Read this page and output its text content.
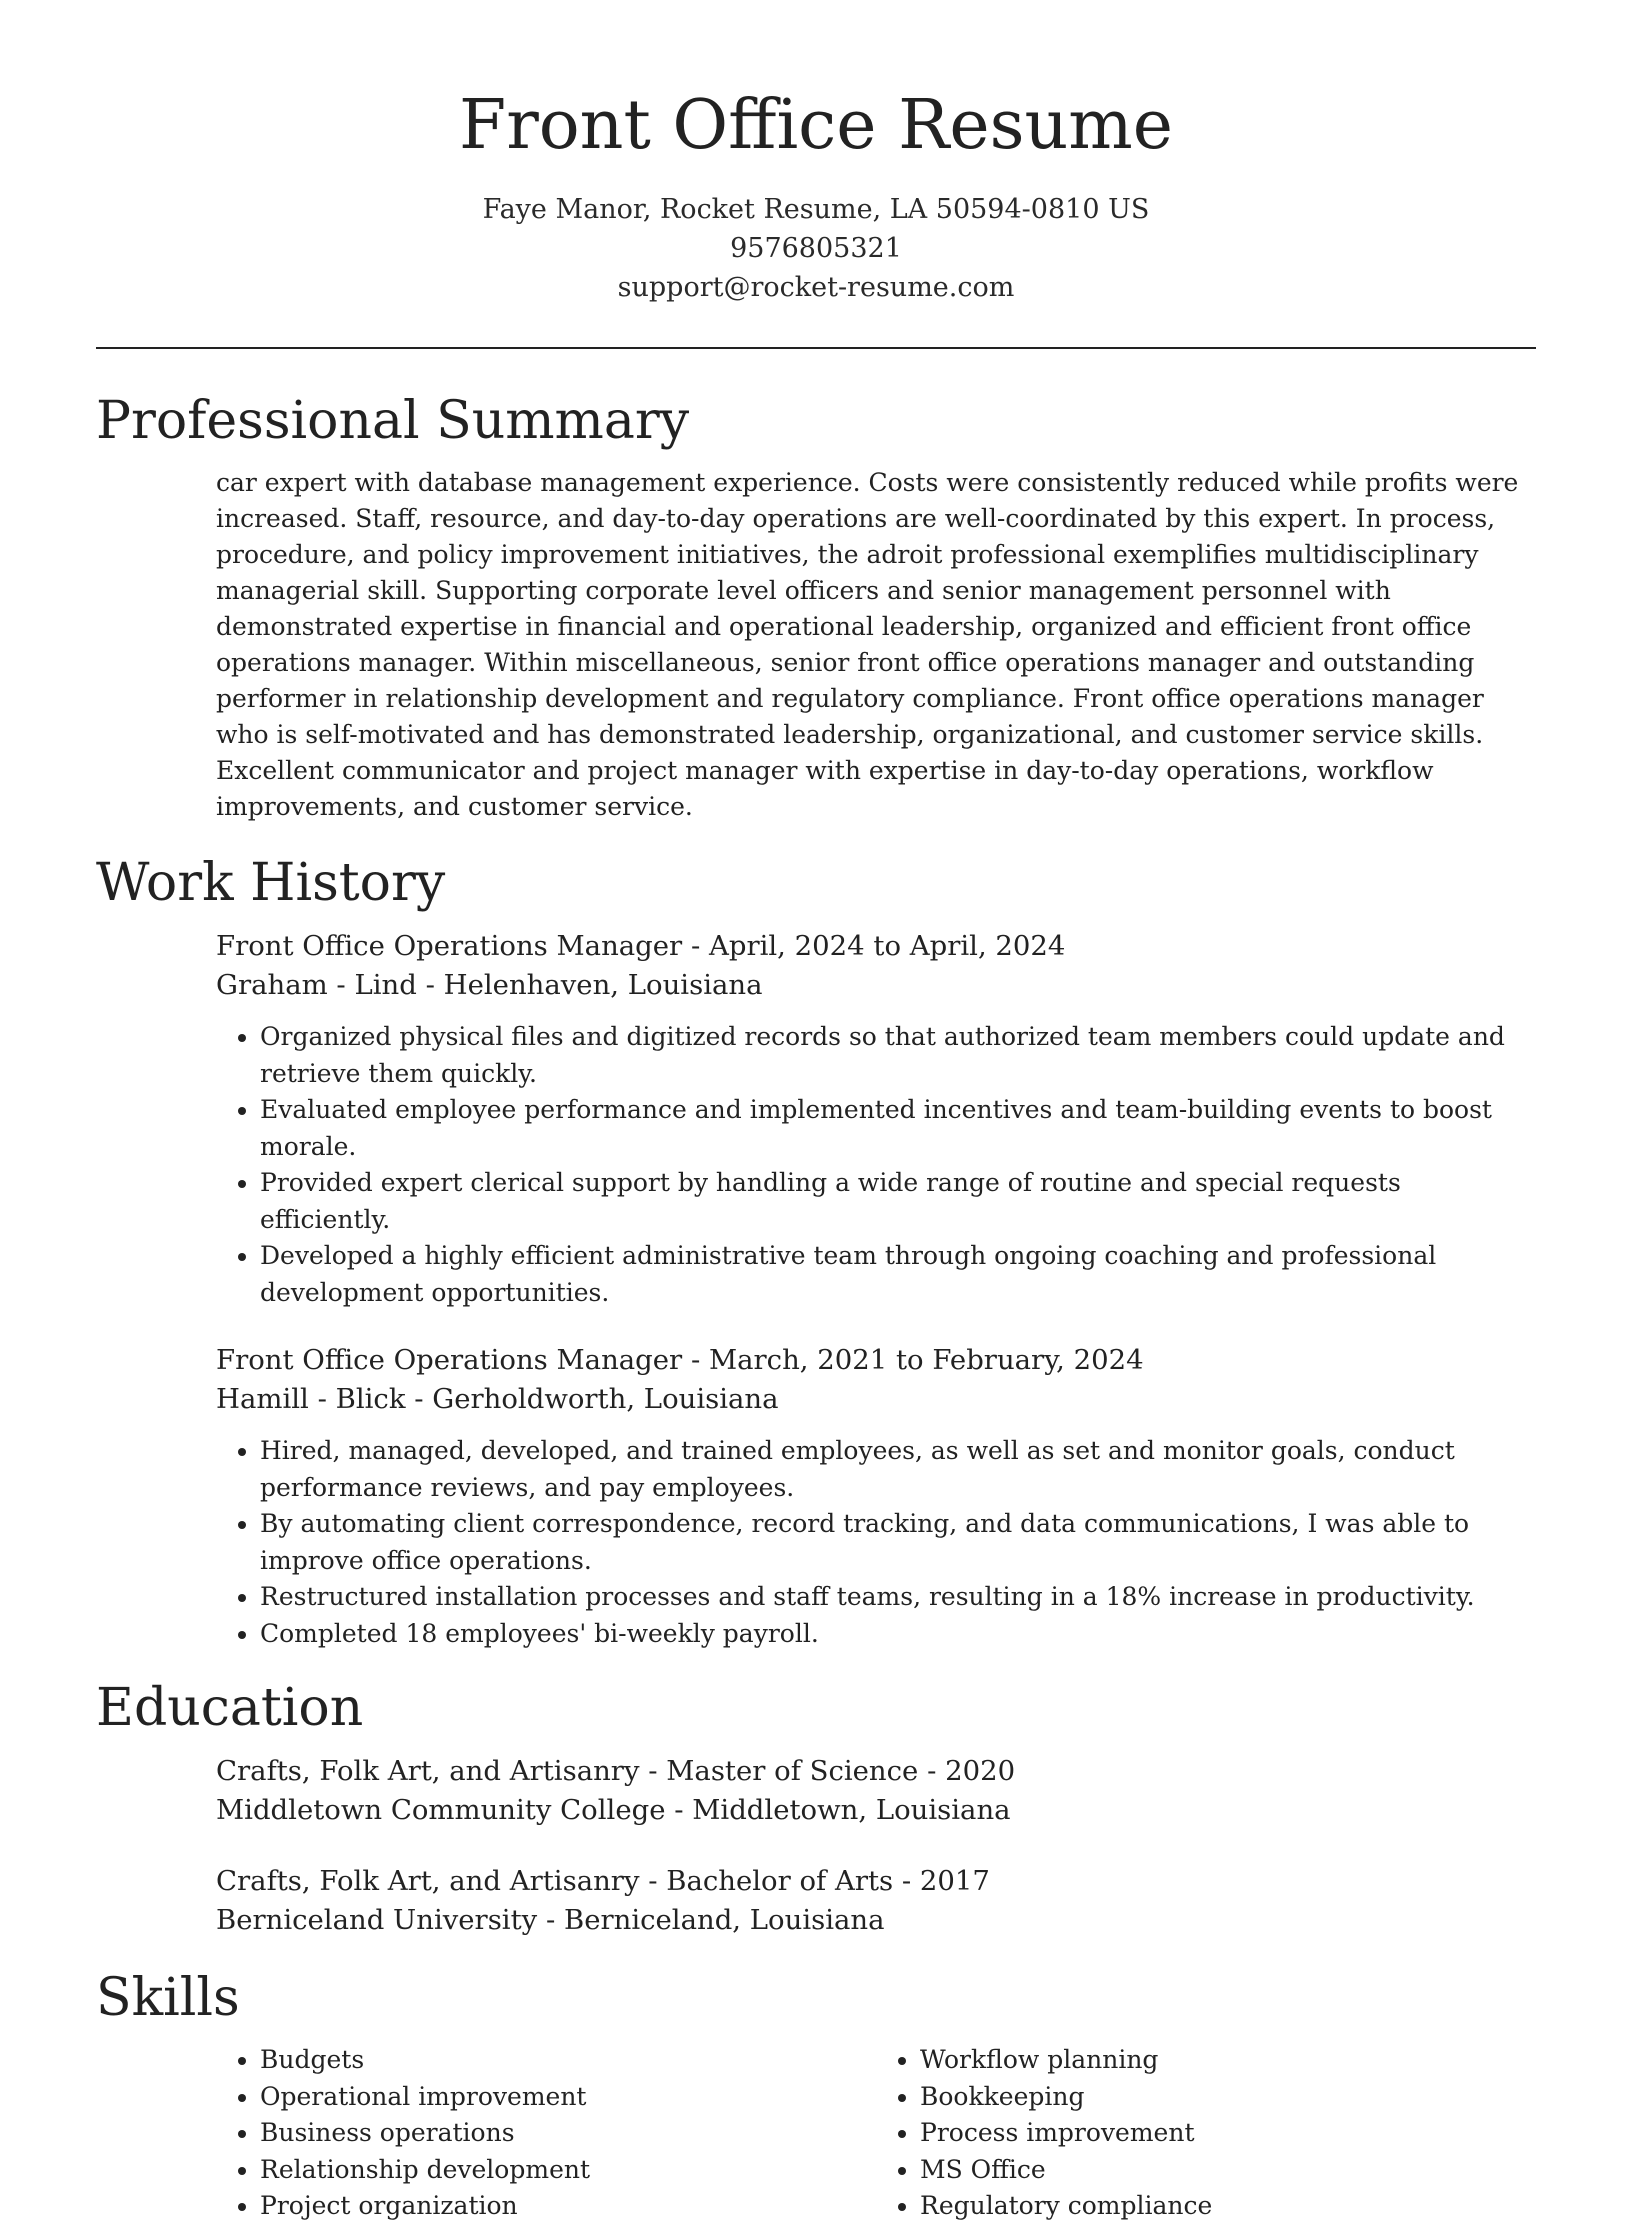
Front Office Resume
Faye Manor, Rocket Resume, LA 50594-0810 US
9576805321
support@rocket-resume.com
Professional Summary
car expert with database management experience. Costs were consistently reduced while profits were increased. Staff, resource, and day-to-day operations are well-coordinated by this expert. In process, procedure, and policy improvement initiatives, the adroit professional exemplifies multidisciplinary managerial skill. Supporting corporate level officers and senior management personnel with demonstrated expertise in financial and operational leadership, organized and efficient front office operations manager. Within miscellaneous, senior front office operations manager and outstanding performer in relationship development and regulatory compliance. Front office operations manager who is self-motivated and has demonstrated leadership, organizational, and customer service skills. Excellent communicator and project manager with expertise in day-to-day operations, workflow improvements, and customer service.
Work History
Front Office Operations Manager - April, 2024 to April, 2024
Graham - Lind - Helenhaven, Louisiana
• Organized physical files and digitized records so that authorized team members could update and retrieve them quickly.
• Evaluated employee performance and implemented incentives and team-building events to boost morale.
• Provided expert clerical support by handling a wide range of routine and special requests efficiently.
• Developed a highly efficient administrative team through ongoing coaching and professional development opportunities.
Front Office Operations Manager - March, 2021 to February, 2024
Hamill - Blick - Gerholdworth, Louisiana
• Hired, managed, developed, and trained employees, as well as set and monitor goals, conduct performance reviews, and pay employees.
• By automating client correspondence, record tracking, and data communications, I was able to improve office operations.
• Restructured installation processes and staff teams, resulting in a 18% increase in productivity.
• Completed 18 employees' bi-weekly payroll.
Education
Crafts, Folk Art, and Artisanry - Master of Science - 2020
Middletown Community College - Middletown, Louisiana
Crafts, Folk Art, and Artisanry - Bachelor of Arts - 2017
Berniceland University - Berniceland, Louisiana
Skills
• Budgets
• Operational improvement
• Business operations
• Relationship development
• Project organization
• Workflow planning
• Bookkeeping
• Process improvement
• MS Office
• Regulatory compliance
